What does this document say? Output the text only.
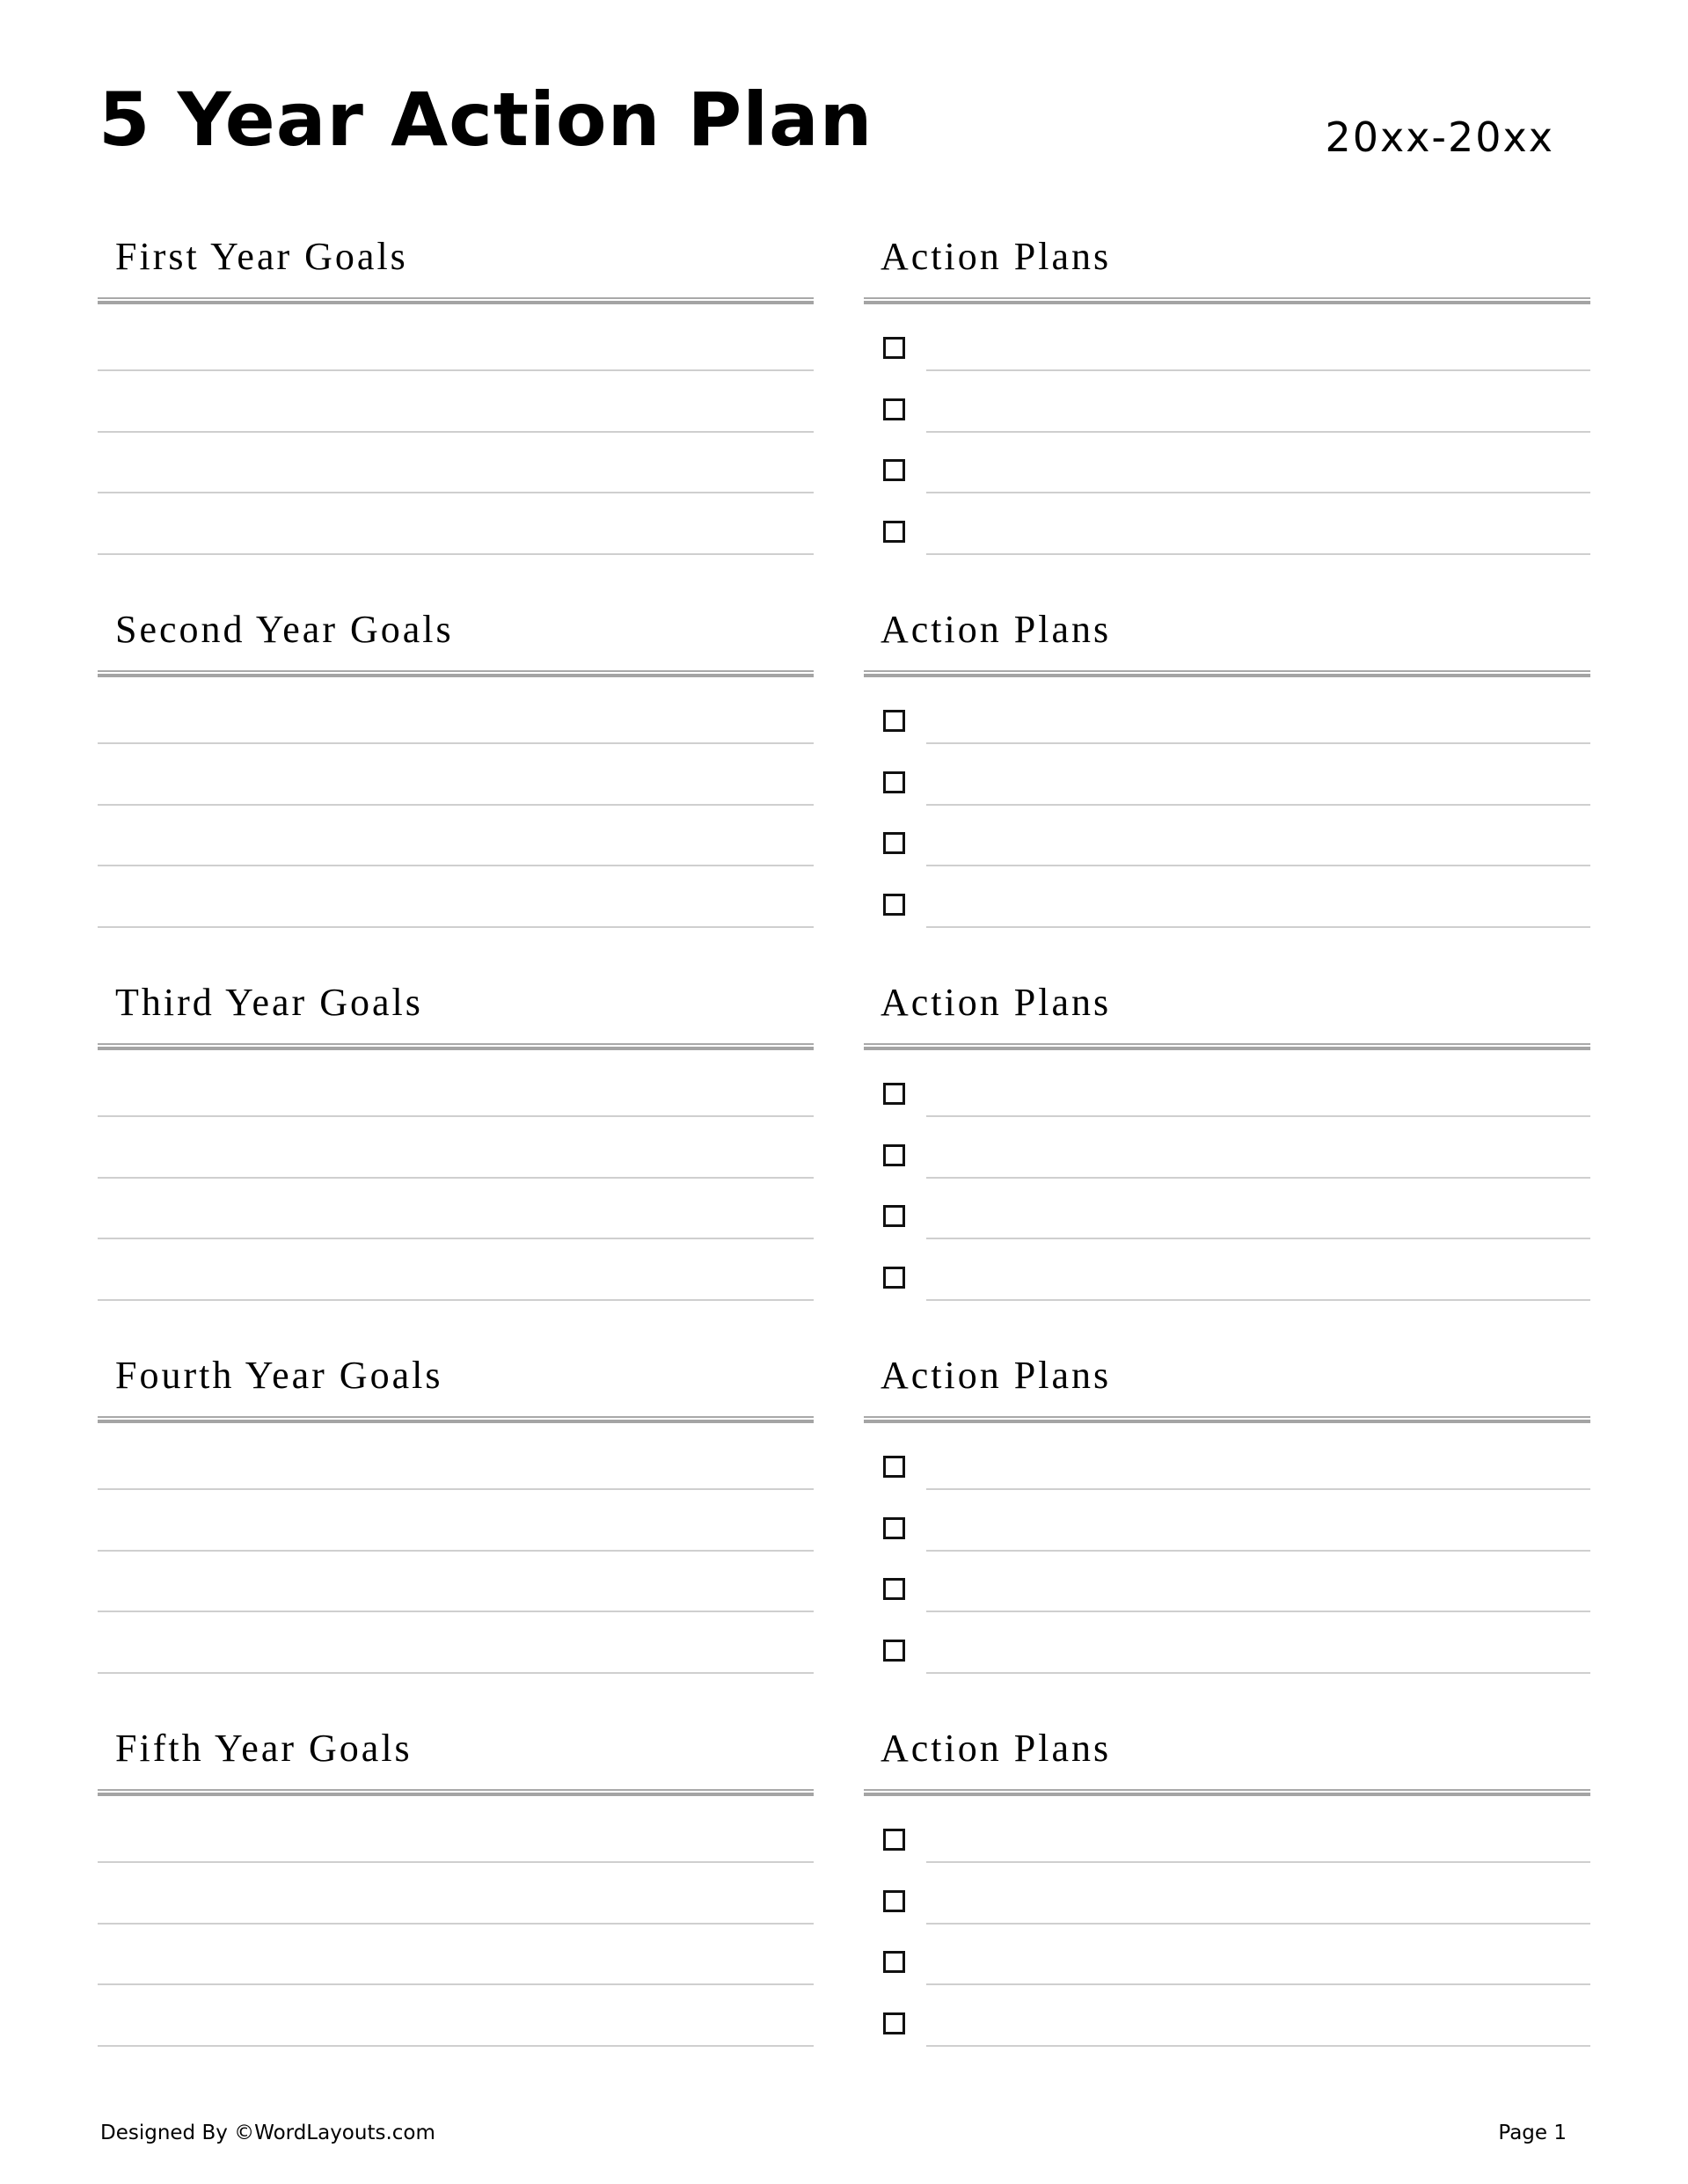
5 Year Action Plan	20xx-20xx
First Year Goals	Action Plans
Second Year Goals	Action Plans
Third Year Goals	Action Plans
Fourth Year Goals	Action Plans
Fifth Year Goals	Action Plans
Designed By ©WordLayouts.com	Page 1
